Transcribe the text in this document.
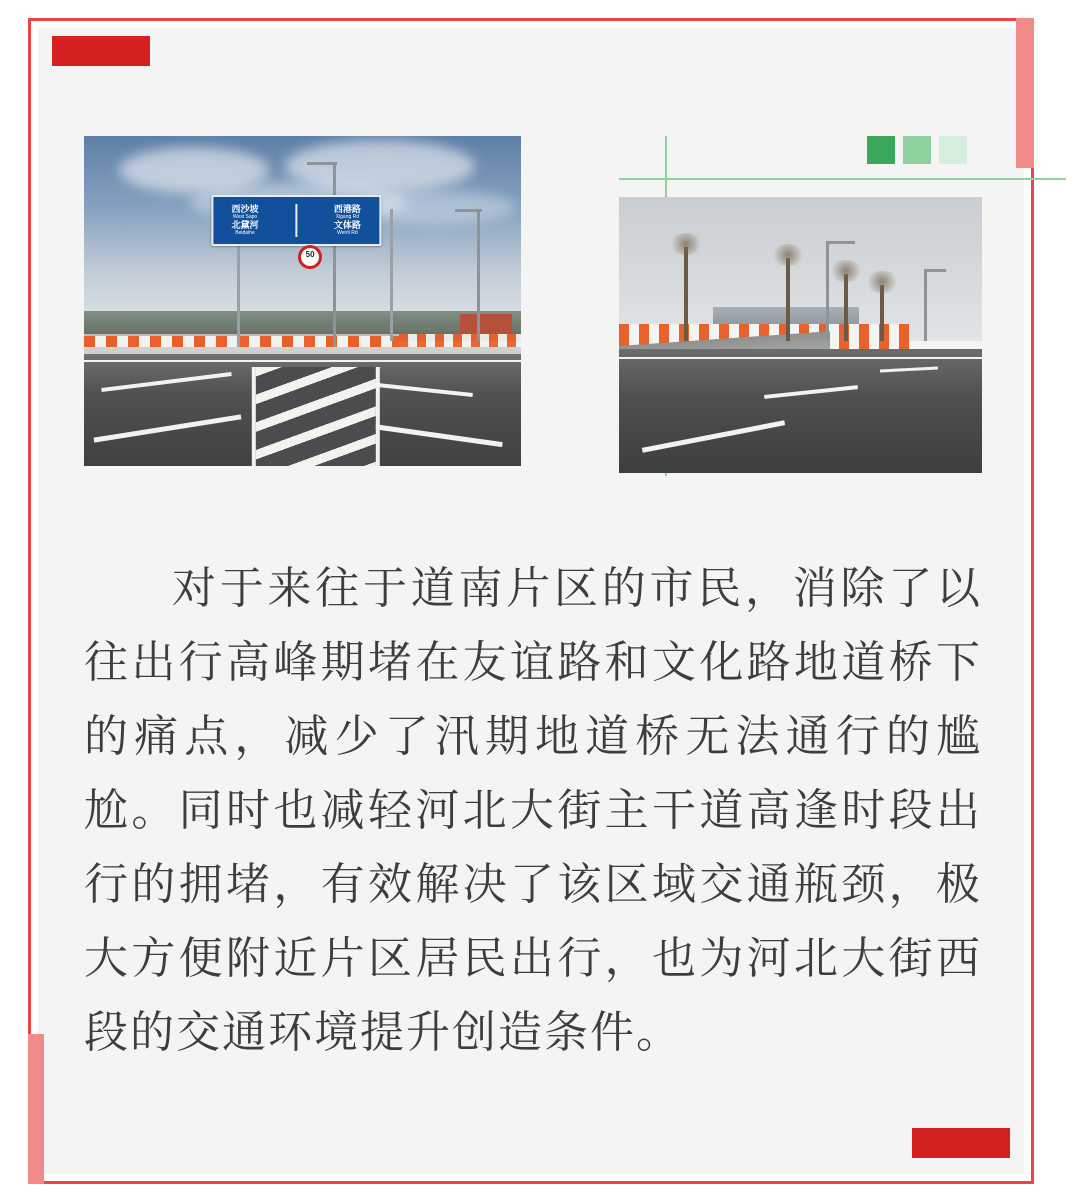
西沙坡
West Sapo
北黛河
Beidaihe
西港路
Xigang Rd
文体路
Wenti Rd
50

对于来往于道南片区的市民，消除了以往出行高峰期堵在友谊路和文化路地道桥下的痛点，减少了汛期地道桥无法通行的尴尬。同时也减轻河北大街主干道高逢时段出行的拥堵，有效解决了该区域交通瓶颈，极大方便附近片区居民出行，也为河北大街西段的交通环境提升创造条件。
